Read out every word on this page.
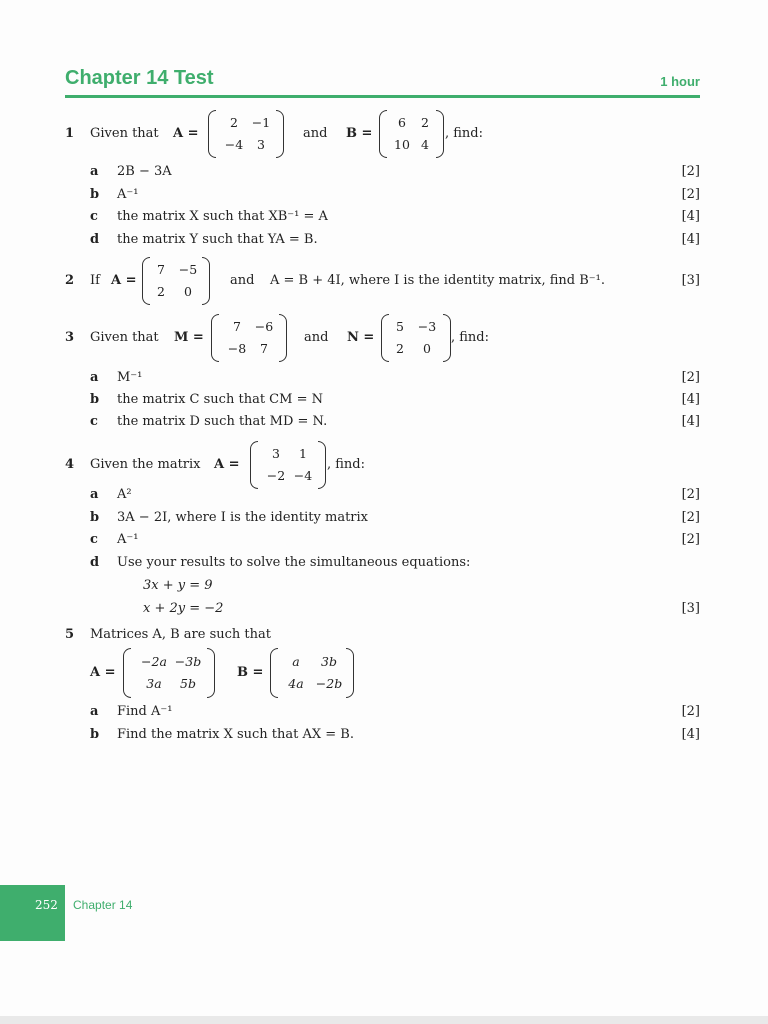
Chapter 14 Test	1 hour
1 Given that A =
2	−1
−4	3
and B =
6	2
10 4
, find:
a 2B − 3A	[2]
b A⁻¹	[2]
c the matrix X such that XB⁻¹ = A	[4]
d the matrix Y such that YA = B.	[4]
2 If A =
7	−5
2	0
and A = B + 4I, where I is the identity matrix, find B⁻¹.	[3]
3 Given that M =
7	−6
−8	7
and N =
5	−3
2	0
, find:
a M⁻¹	[2]
b the matrix C such that CM = N	[4]
c the matrix D such that MD = N.	[4]
4 Given the matrix A =
3	1
−2 −4
, find:
a A²	[2]
b 3A − 2I, where I is the identity matrix	[2]
c A⁻¹	[2]
d Use your results to solve the simultaneous equations:
3x + y = 9
x + 2y = −2	[3]
5 Matrices A, B are such that
A =
−2a −3b
3a	5b
B =
a	3b
4a −2b
a Find A⁻¹	[2]
b Find the matrix X such that AX = B.	[4]
252 Chapter 14
